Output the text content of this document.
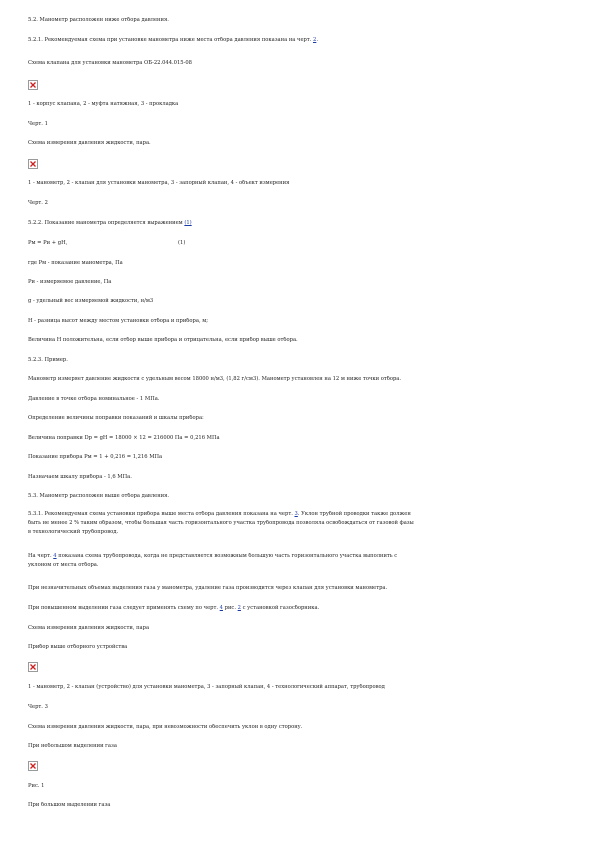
5.2. Манометр расположен ниже отбора давления.
5.2.1. Рекомендуемая схема при установке манометра ниже места отбора давления показана на черт. 2.
Схема клапана для установки манометра ОБ-22.044.015-08
1 - корпус клапана, 2 - муфта натяжная, 3 - прокладка
Черт. 1
Схема измерения давления жидкости, пара.
1 - манометр, 2 - клапан для установки манометра, 3 - запорный клапан, 4 - объект измерения
Черт. 2
5.2.2. Показание манометра определяется выражением (1)
Рм = Ри + gH,	(1)
где Рм - показание манометра, Па
Ри - измеряемое давление, Па
g - удельный вес измеряемой жидкости, н/м3
Н - разница высот между местом установки отбора и прибора, м;
Величина Н положительна, если отбор выше прибора и отрицательна, если прибор выше отбора.
5.2.3. Пример.
Манометр измеряет давление жидкости с удельным весом 18000 н/м3, (1,82 г/см3). Манометр установлен на 12 м ниже точки отбора.
Давление в точке отбора номинальное - 1 МПа.
Определение величины поправки показаний и шкалы прибора:
Величина поправки Dp = gH = 18000 × 12 = 216000 Па = 0,216 МПа
Показание прибора Рм = 1 + 0,216 = 1,216 МПа
Назначаем шкалу прибора - 1,6 МПа.
5.3. Манометр расположен выше отбора давления.
5.3.1. Рекомендуемая схема установки прибора выше места отбора давления показана на черт. 3. Уклон трубной проводки также должен
быть не менее 2 % таким образом, чтобы большая часть горизонтального участка трубопровода позволяла освобождаться от газовой фазы
в технологический трубопровод.
На черт. 4 показана схема трубопровода, когда не представляется возможным большую часть горизонтального участка выполнить с
уклоном от места отбора.
При незначительных объемах выделения газа у манометра, удаление газа производится через клапан для установки манометра.
При повышенном выделении газа следует применять схему по черт. 4 рис. 2 с установкой газосборника.
Схема измерения давления жидкости, пара
Прибор выше отборного устройства
1 - манометр, 2 - клапан (устройство) для установки манометра, 3 - запорный клапан, 4 - технологический аппарат, трубопровод
Черт. 3
Схема измерения давления жидкости, пара, при невозможности обеспечить уклон в одну сторону.
При небольшом выделении газа
Рис. 1
При большом выделении газа
